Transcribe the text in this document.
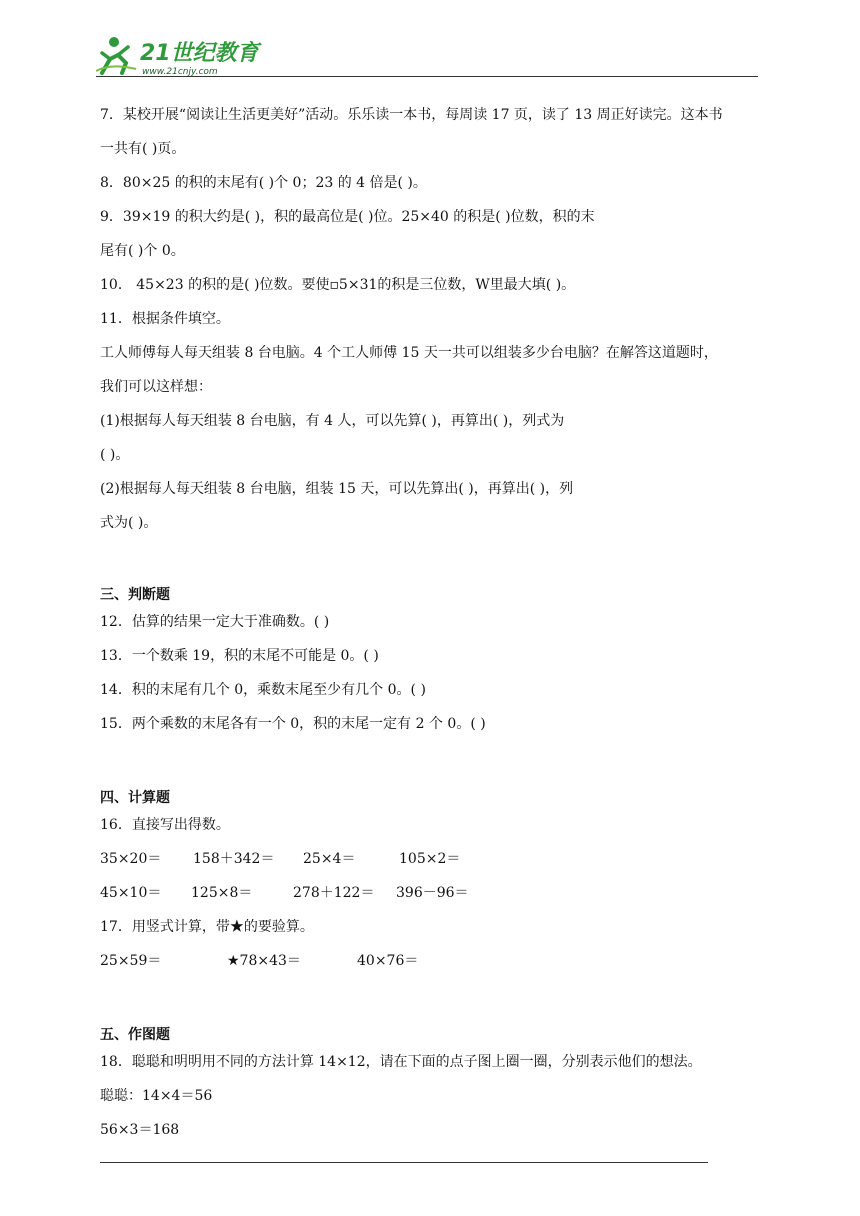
21世纪教育
www.21cnjy.com
7．某校开展“阅读让生活更美好”活动。乐乐读一本书，每周读 17 页，读了 13 周正好读完。这本书
一共有( )页。
8．80×25 的积的末尾有( )个 0；23 的 4 倍是( )。
9．39×19 的积大约是( )，积的最高位是( )位。25×40 的积是( )位数，积的末
尾有( )个 0。
10． 45×23 的积的是( )位数。要使▫5×31的积是三位数，W里最大填( )。
11．根据条件填空。
工人师傅每人每天组装 8 台电脑。4 个工人师傅 15 天一共可以组装多少台电脑？在解答这道题时，
我们可以这样想：
(1)根据每人每天组装 8 台电脑，有 4 人，可以先算( )，再算出( )，列式为
( )。
(2)根据每人每天组装 8 台电脑，组装 15 天，可以先算出( )，再算出( )，列
式为( )。
三、判断题
12．估算的结果一定大于准确数。( )
13．一个数乘 19，积的末尾不可能是 0。( )
14．积的末尾有几个 0，乘数末尾至少有几个 0。( )
15．两个乘数的末尾各有一个 0，积的末尾一定有 2 个 0。( )
四、计算题
16．直接写出得数。
35×20＝ 158＋342＝ 25×4＝	105×2＝
45×10＝ 125×8＝	278＋122＝ 396－96＝
17．用竖式计算，带★的要验算。
25×59＝	★78×43＝	40×76＝
五、作图题
18．聪聪和明明用不同的方法计算 14×12，请在下面的点子图上圈一圈，分别表示他们的想法。
聪聪：14×4＝56
56×3＝168
